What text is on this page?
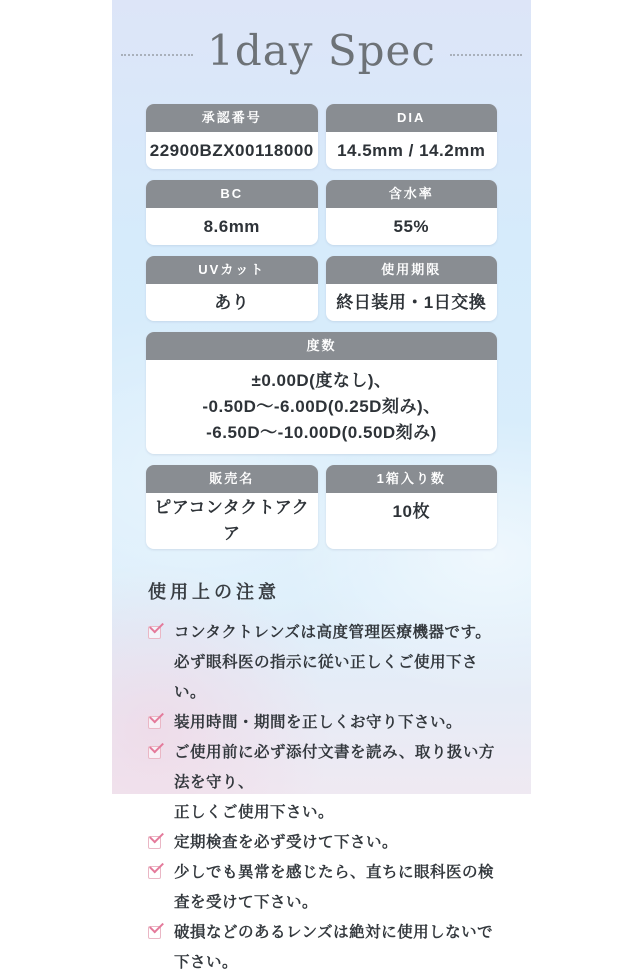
1day Spec
承認番号
22900BZX00118000
DIA
14.5mm / 14.2mm
BC
8.6mm
含水率
55%
UVカット
あり
使用期限
終日装用・1日交換
度数
±0.00D(度なし)、
-0.50D〜-6.00D(0.25D刻み)、
-6.50D〜-10.00D(0.50D刻み)
販売名
ピアコンタクトアクア
1箱入り数
10枚
使用上の注意
コンタクトレンズは高度管理医療機器です。
必ず眼科医の指示に従い正しくご使用下さい。
装用時間・期間を正しくお守り下さい。
ご使用前に必ず添付文書を読み、取り扱い方法を守り、
正しくご使用下さい。
定期検査を必ず受けて下さい。
少しでも異常を感じたら、直ちに眼科医の検査を受けて下さい。
破損などのあるレンズは絶対に使用しないで下さい。
